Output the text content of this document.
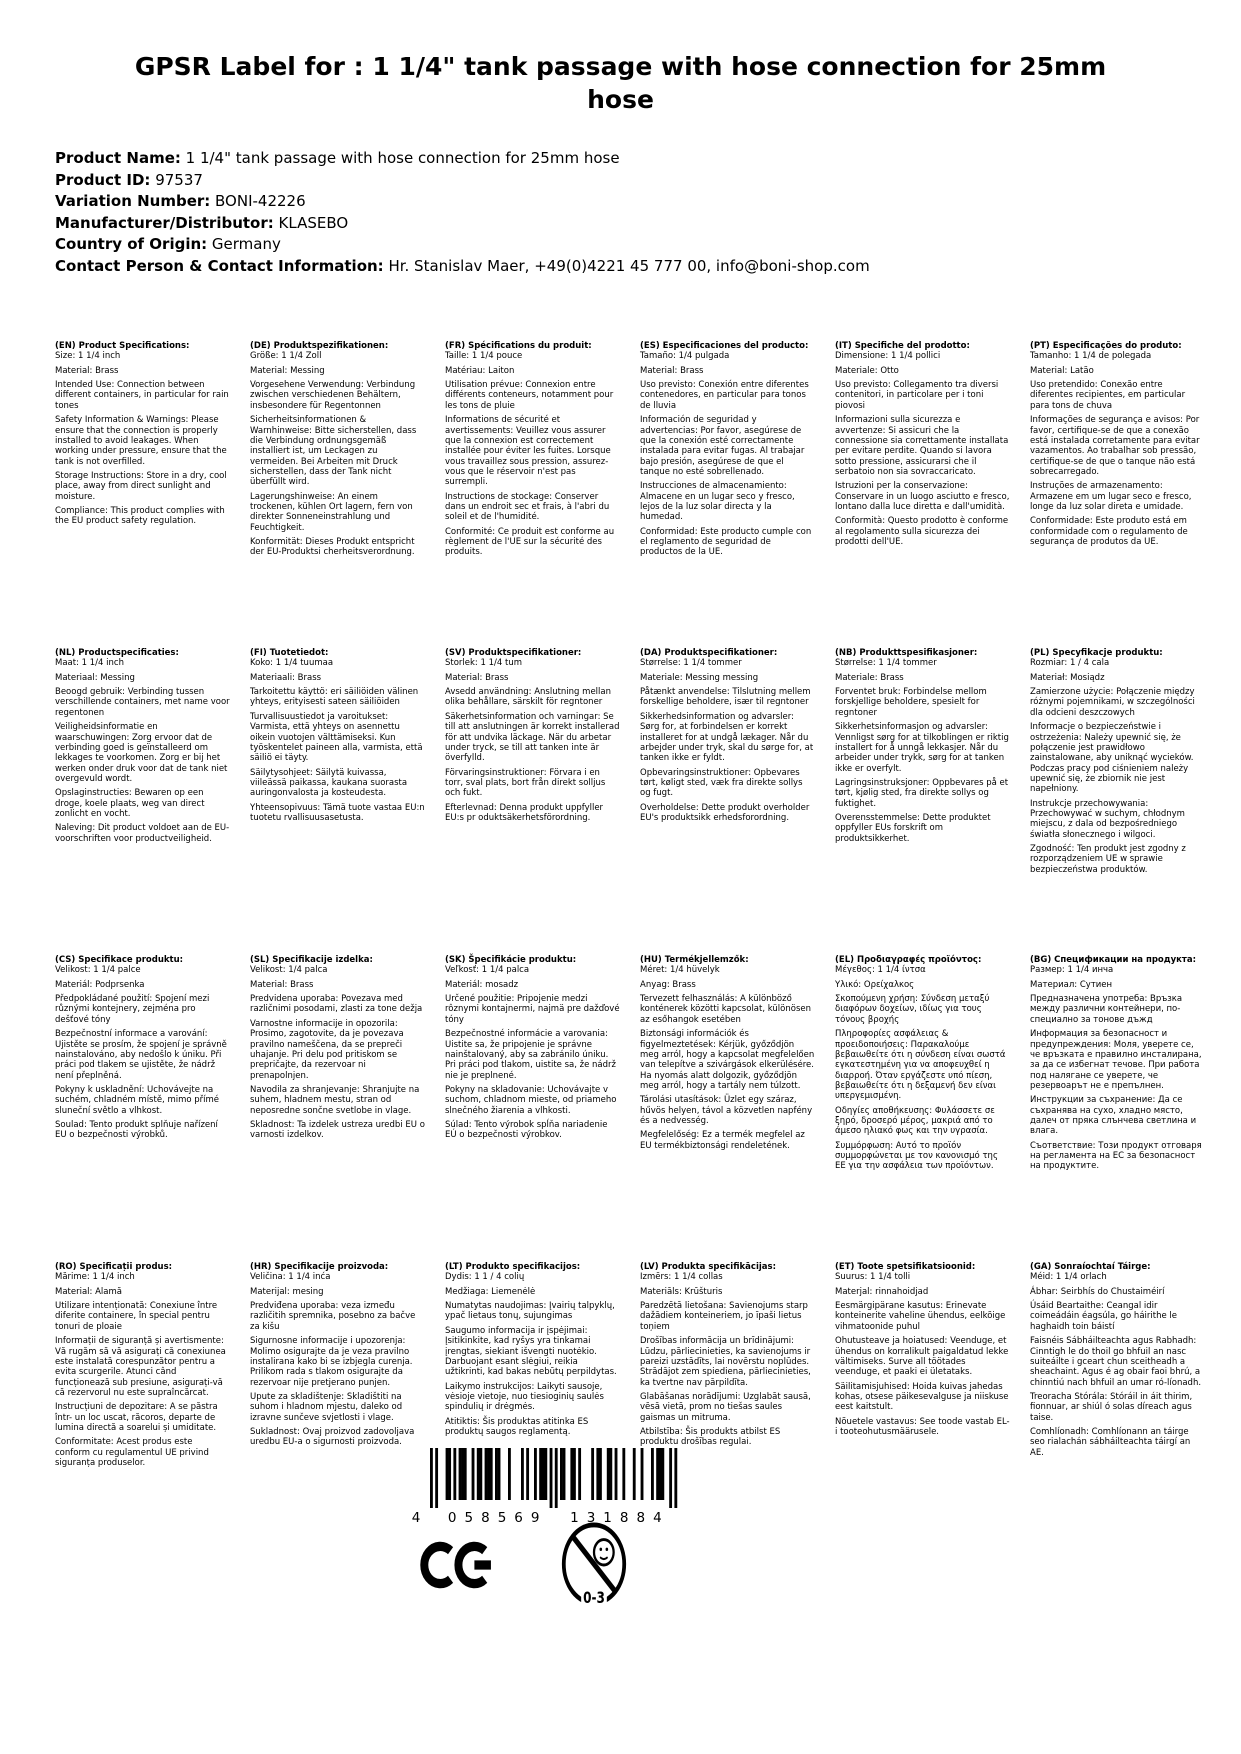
GPSR Label for : 1 1/4" tank passage with hose connection for 25mm hose
Product Name: 1 1/4" tank passage with hose connection for 25mm hose
Product ID: 97537
Variation Number: BONI-42226
Manufacturer/Distributor: KLASEBO
Country of Origin: Germany
Contact Person & Contact Information: Hr. Stanislav Maer, +49(0)4221 45 777 00, info@boni-shop.com
(EN) Product Specifications:

Size: 1 1/4 inch

Material: Brass

Intended Use: Connection between different containers, in particular for rain tones

Safety Information & Warnings: Please ensure that the connection is properly installed to avoid leakages. When working under pressure, ensure that the tank is not overfilled.

Storage Instructions: Store in a dry, cool place, away from direct sunlight and moisture.

Compliance: This product complies with the EU product safety regulation.

(DE) Produktspezifikationen:

Größe: 1 1/4 Zoll

Material: Messing

Vorgesehene Verwendung: Verbindung zwischen verschiedenen Behältern, insbesondere für Regentonnen

Sicherheitsinformationen & Warnhinweise: Bitte sicherstellen, dass die Verbindung ordnungsgemäß installiert ist, um Leckagen zu vermeiden. Bei Arbeiten mit Druck sicherstellen, dass der Tank nicht überfüllt wird.

Lagerungshinweise: An einem trockenen, kühlen Ort lagern, fern von direkter Sonneneinstrahlung und Feuchtigkeit.

Konformität: Dieses Produkt entspricht der EU-Produktsi cherheitsverordnung.

(FR) Spécifications du produit:

Taille: 1 1/4 pouce

Matériau: Laiton

Utilisation prévue: Connexion entre différents conteneurs, notamment pour les tons de pluie

Informations de sécurité et avertissements: Veuillez vous assurer que la connexion est correctement installée pour éviter les fuites. Lorsque vous travaillez sous pression, assurez-vous que le réservoir n'est pas surrempli.

Instructions de stockage: Conserver dans un endroit sec et frais, à l'abri du soleil et de l'humidité.

Conformité: Ce produit est conforme au règlement de l'UE sur la sécurité des produits.

(ES) Especificaciones del producto:

Tamaño: 1/4 pulgada

Material: Brass

Uso previsto: Conexión entre diferentes contenedores, en particular para tonos de lluvia

Información de seguridad y advertencias: Por favor, asegúrese de que la conexión esté correctamente instalada para evitar fugas. Al trabajar bajo presión, asegúrese de que el tanque no esté sobrellenado.

Instrucciones de almacenamiento: Almacene en un lugar seco y fresco, lejos de la luz solar directa y la humedad.

Conformidad: Este producto cumple con el reglamento de seguridad de productos de la UE.

(IT) Specifiche del prodotto:

Dimensione: 1 1/4 pollici

Materiale: Otto

Uso previsto: Collegamento tra diversi contenitori, in particolare per i toni piovosi

Informazioni sulla sicurezza e avvertenze: Si assicuri che la connessione sia correttamente installata per evitare perdite. Quando si lavora sotto pressione, assicurarsi che il serbatoio non sia sovraccaricato.

Istruzioni per la conservazione: Conservare in un luogo asciutto e fresco, lontano dalla luce diretta e dall'umidità.

Conformità: Questo prodotto è conforme al regolamento sulla sicurezza dei prodotti dell'UE.

(PT) Especificações do produto:

Tamanho: 1 1/4 de polegada

Material: Latão

Uso pretendido: Conexão entre diferentes recipientes, em particular para tons de chuva

Informações de segurança e avisos: Por favor, certifique-se de que a conexão está instalada corretamente para evitar vazamentos. Ao trabalhar sob pressão, certifique-se de que o tanque não está sobrecarregado.

Instruções de armazenamento: Armazene em um lugar seco e fresco, longe da luz solar direta e umidade.

Conformidade: Este produto está em conformidade com o regulamento de segurança de produtos da UE.

(NL) Productspecificaties:

Maat: 1 1/4 inch

Materiaal: Messing

Beoogd gebruik: Verbinding tussen verschillende containers, met name voor regentonen

Veiligheidsinformatie en waarschuwingen: Zorg ervoor dat de verbinding goed is geïnstalleerd om lekkages te voorkomen. Zorg er bij het werken onder druk voor dat de tank niet overgevuld wordt.

Opslaginstructies: Bewaren op een droge, koele plaats, weg van direct zonlicht en vocht.

Naleving: Dit product voldoet aan de EU-voorschriften voor productveiligheid.

(FI) Tuotetiedot:

Koko: 1 1/4 tuumaa

Materiaali: Brass

Tarkoitettu käyttö: eri säiliöiden välinen yhteys, erityisesti sateen säiliöiden

Turvallisuustiedot ja varoitukset: Varmista, että yhteys on asennettu oikein vuotojen välttämiseksi. Kun työskentelet paineen alla, varmista, että säiliö ei täyty.

Säilytysohjeet: Säilytä kuivassa, viileässä paikassa, kaukana suorasta auringonvalosta ja kosteudesta.

Yhteensopivuus: Tämä tuote vastaa EU:n tuotetu rvallisuusasetusta.

(SV) Produktspecifikationer:

Storlek: 1 1/4 tum

Material: Brass

Avsedd användning: Anslutning mellan olika behållare, särskilt för regntoner

Säkerhetsinformation och varningar: Se till att anslutningen är korrekt installerad för att undvika läckage. När du arbetar under tryck, se till att tanken inte är överfylld.

Förvaringsinstruktioner: Förvara i en torr, sval plats, bort från direkt solljus och fukt.

Efterlevnad: Denna produkt uppfyller EU:s pr oduktsäkerhetsförordning.

(DA) Produktspecifikationer:

Størrelse: 1 1/4 tommer

Materiale: Messing messing

Påtænkt anvendelse: Tilslutning mellem forskellige beholdere, især til regntoner

Sikkerhedsinformation og advarsler: Sørg for, at forbindelsen er korrekt installeret for at undgå lækager. Når du arbejder under tryk, skal du sørge for, at tanken ikke er fyldt.

Opbevaringsinstruktioner: Opbevares tørt, køligt sted, væk fra direkte sollys og fugt.

Overholdelse: Dette produkt overholder EU's produktsikk erhedsforordning.

(NB) Produkttspesifikasjoner:

Størrelse: 1 1/4 tommer

Materiale: Brass

Forventet bruk: Forbindelse mellom forskjellige beholdere, spesielt for regntoner

Sikkerhetsinformasjon og advarsler: Vennligst sørg for at tilkoblingen er riktig installert for å unngå lekkasjer. Når du arbeider under trykk, sørg for at tanken ikke er overfylt.

Lagringsinstruksjoner: Oppbevares på et tørt, kjølig sted, fra direkte sollys og fuktighet.

Overensstemmelse: Dette produktet oppfyller EUs forskrift om produktsikkerhet.

(PL) Specyfikacje produktu:

Rozmiar: 1 / 4 cala

Materiał: Mosiądz

Zamierzone użycie: Połączenie między różnymi pojemnikami, w szczególności dla odcieni deszczowych

Informacje o bezpieczeństwie i ostrzeżenia: Należy upewnić się, że połączenie jest prawidłowo zainstalowane, aby uniknąć wycieków. Podczas pracy pod ciśnieniem należy upewnić się, że zbiornik nie jest napełniony.

Instrukcje przechowywania: Przechowywać w suchym, chłodnym miejscu, z dala od bezpośredniego światła słonecznego i wilgoci.

Zgodność: Ten produkt jest zgodny z rozporządzeniem UE w sprawie bezpieczeństwa produktów.

(CS) Specifikace produktu:

Velikost: 1 1/4 palce

Materiál: Podprsenka

Předpokládané použití: Spojení mezi různými kontejnery, zejména pro dešťové tóny

Bezpečnostní informace a varování: Ujistěte se prosím, že spojení je správně nainstalováno, aby nedošlo k úniku. Při práci pod tlakem se ujistěte, že nádrž není přeplněná.

Pokyny k uskladnění: Uchovávejte na suchém, chladném místě, mimo přímé sluneční světlo a vlhkost.

Soulad: Tento produkt splňuje nařízení EU o bezpečnosti výrobků.

(SL) Specifikacije izdelka:

Velikost: 1/4 palca

Material: Brass

Predvidena uporaba: Povezava med različnimi posodami, zlasti za tone dežja

Varnostne informacije in opozorila: Prosimo, zagotovite, da je povezava pravilno nameščena, da se prepreči uhajanje. Pri delu pod pritiskom se prepričajte, da rezervoar ni prenapolnjen.

Navodila za shranjevanje: Shranjujte na suhem, hladnem mestu, stran od neposredne sončne svetlobe in vlage.

Skladnost: Ta izdelek ustreza uredbi EU o varnosti izdelkov.

(SK) Špecifikácie produktu:

Veľkosť: 1 1/4 palca

Materiál: mosadz

Určené použitie: Pripojenie medzi rôznymi kontajnermi, najmä pre dažďové tóny

Bezpečnostné informácie a varovania: Uistite sa, že pripojenie je správne nainštalovaný, aby sa zabránilo úniku. Pri práci pod tlakom, uistite sa, že nádrž nie je preplnené.

Pokyny na skladovanie: Uchovávajte v suchom, chladnom mieste, od priameho slnečného žiarenia a vlhkosti.

Súlad: Tento výrobok spĺňa nariadenie EÚ o bezpečnosti výrobkov.

(HU) Termékjellemzők:

Méret: 1/4 hüvelyk

Anyag: Brass

Tervezett felhasználás: A különböző konténerek közötti kapcsolat, különösen az esőhangok esetében

Biztonsági információk és figyelmeztetések: Kérjük, győződjön meg arról, hogy a kapcsolat megfelelően van telepítve a szivárgások elkerülésére. Ha nyomás alatt dolgozik, győződjön meg arról, hogy a tartály nem túlzott.

Tárolási utasítások: Üzlet egy száraz, hűvös helyen, távol a közvetlen napfény és a nedvesség.

Megfelelőség: Ez a termék megfelel az EU termékbiztonsági rendeletének.

(EL) Προδιαγραφές προϊόντος:

Μέγεθος: 1 1/4 ίντσα

Υλικό: Ορείχαλκος

Σκοπούμενη χρήση: Σύνδεση μεταξύ διαφόρων δοχείων, ιδίως για τους τόνους βροχής

Πληροφορίες ασφάλειας & προειδοποιήσεις: Παρακαλούμε βεβαιωθείτε ότι η σύνδεση είναι σωστά εγκατεστημένη για να αποφευχθεί η διαρροή. Όταν εργάζεστε υπό πίεση, βεβαιωθείτε ότι η δεξαμενή δεν είναι υπεργεμισμένη.

Οδηγίες αποθήκευσης: Φυλάσσετε σε ξηρό, δροσερό μέρος, μακριά από το άμεσο ηλιακό φως και την υγρασία.

Συμμόρφωση: Αυτό το προϊόν συμμορφώνεται με τον κανονισμό της ΕΕ για την ασφάλεια των προϊόντων.

(BG) Спецификации на продукта:

Размер: 1 1/4 инча

Материал: Сутиен

Предназначена употреба: Връзка между различни контейнери, по-специално за тонове дъжд

Информация за безопасност и предупреждения: Моля, уверете се, че връзката е правилно инсталирана, за да се избегнат течове. При работа под налягане се уверете, че резервоарът не е препълнен.

Инструкции за съхранение: Да се съхранява на сухо, хладно място, далеч от пряка слънчева светлина и влага.

Съответствие: Този продукт отговаря на регламента на ЕС за безопасност на продуктите.

(RO) Specificații produs:

Mărime: 1 1/4 inch

Material: Alamă

Utilizare intenționată: Conexiune între diferite containere, în special pentru tonuri de ploaie

Informații de siguranță și avertismente: Vă rugăm să vă asigurați că conexiunea este instalată corespunzător pentru a evita scurgerile. Atunci când funcționează sub presiune, asigurați-vă că rezervorul nu este supraîncărcat.

Instrucțiuni de depozitare: A se păstra într- un loc uscat, răcoros, departe de lumina directă a soarelui și umiditate.

Conformitate: Acest produs este conform cu regulamentul UE privind siguranța produselor.

(HR) Specifikacije proizvoda:

Veličina: 1 1/4 inća

Materijal: mesing

Predviđena uporaba: veza između različitih spremnika, posebno za bačve za kišu

Sigurnosne informacije i upozorenja: Molimo osigurajte da je veza pravilno instalirana kako bi se izbjegla curenja. Prilikom rada s tlakom osigurajte da rezervoar nije pretjerano punjen.

Upute za skladištenje: Skladištiti na suhom i hladnom mjestu, daleko od izravne sunčeve svjetlosti i vlage.

Sukladnost: Ovaj proizvod zadovoljava uredbu EU-a o sigurnosti proizvoda.

(LT) Produkto specifikacijos:

Dydis: 1 1 / 4 colių

Medžiaga: Liemenėlė

Numatytas naudojimas: Įvairių talpyklų, ypač lietaus tonų, sujungimas

Saugumo informacija ir įspėjimai: Įsitikinkite, kad ryšys yra tinkamai įrengtas, siekiant išvengti nuotėkio. Darbuojant esant slėgiui, reikia užtikrinti, kad bakas nebūtų perpildytas.

Laikymo instrukcijos: Laikyti sausoje, vėsioje vietoje, nuo tiesioginių saulės spindulių ir drėgmės.

Atitiktis: Šis produktas atitinka ES produktų saugos reglamentą.

(LV) Produkta specifikācijas:

Izmērs: 1 1/4 collas

Materiāls: Krūšturis

Paredzētā lietošana: Savienojums starp dažādiem konteineriem, jo īpaši lietus toņiem

Drošības informācija un brīdinājumi: Lūdzu, pārliecinieties, ka savienojums ir pareizi uzstādīts, lai novērstu noplūdes. Strādājot zem spiediena, pārliecinieties, ka tvertne nav pārpildīta.

Glabāšanas norādījumi: Uzglabāt sausā, vēsā vietā, prom no tiešas saules gaismas un mitruma.

Atbilstība: Šis produkts atbilst ES produktu drošības regulai.

(ET) Toote spetsifikatsioonid:

Suurus: 1 1/4 tolli

Materjal: rinnahoidjad

Eesmärgipärane kasutus: Erinevate konteinerite vaheline ühendus, eelkõige vihmatoonide puhul

Ohutusteave ja hoiatused: Veenduge, et ühendus on korralikult paigaldatud lekke vältimiseks. Surve all töötades veenduge, et paaki ei ületataks.

Säilitamisjuhised: Hoida kuivas jahedas kohas, otsese päikesevalguse ja niiskuse eest kaitstult.

Nõuetele vastavus: See toode vastab EL-i tooteohutusmäärusele.

(GA) Sonraíochtaí Táirge:

Méid: 1 1/4 orlach

Ábhar: Seirbhís do Chustaiméirí

Úsáid Beartaithe: Ceangal idir coimeádáin éagsúla, go háirithe le haghaidh toin báistí

Faisnéis Sábháilteachta agus Rabhadh: Cinntigh le do thoil go bhfuil an nasc suiteáilte i gceart chun sceitheadh a sheachaint. Agus é ag obair faoi bhrú, a chinntiú nach bhfuil an umar ró-líonadh.

Treoracha Stórála: Stóráil in áit thirim, fionnuar, ar shiúl ó solas díreach agus taise.

Comhlíonadh: Comhlíonann an táirge seo rialachán sábháilteachta táirgí an AE.

4 058569 131884
0-3
